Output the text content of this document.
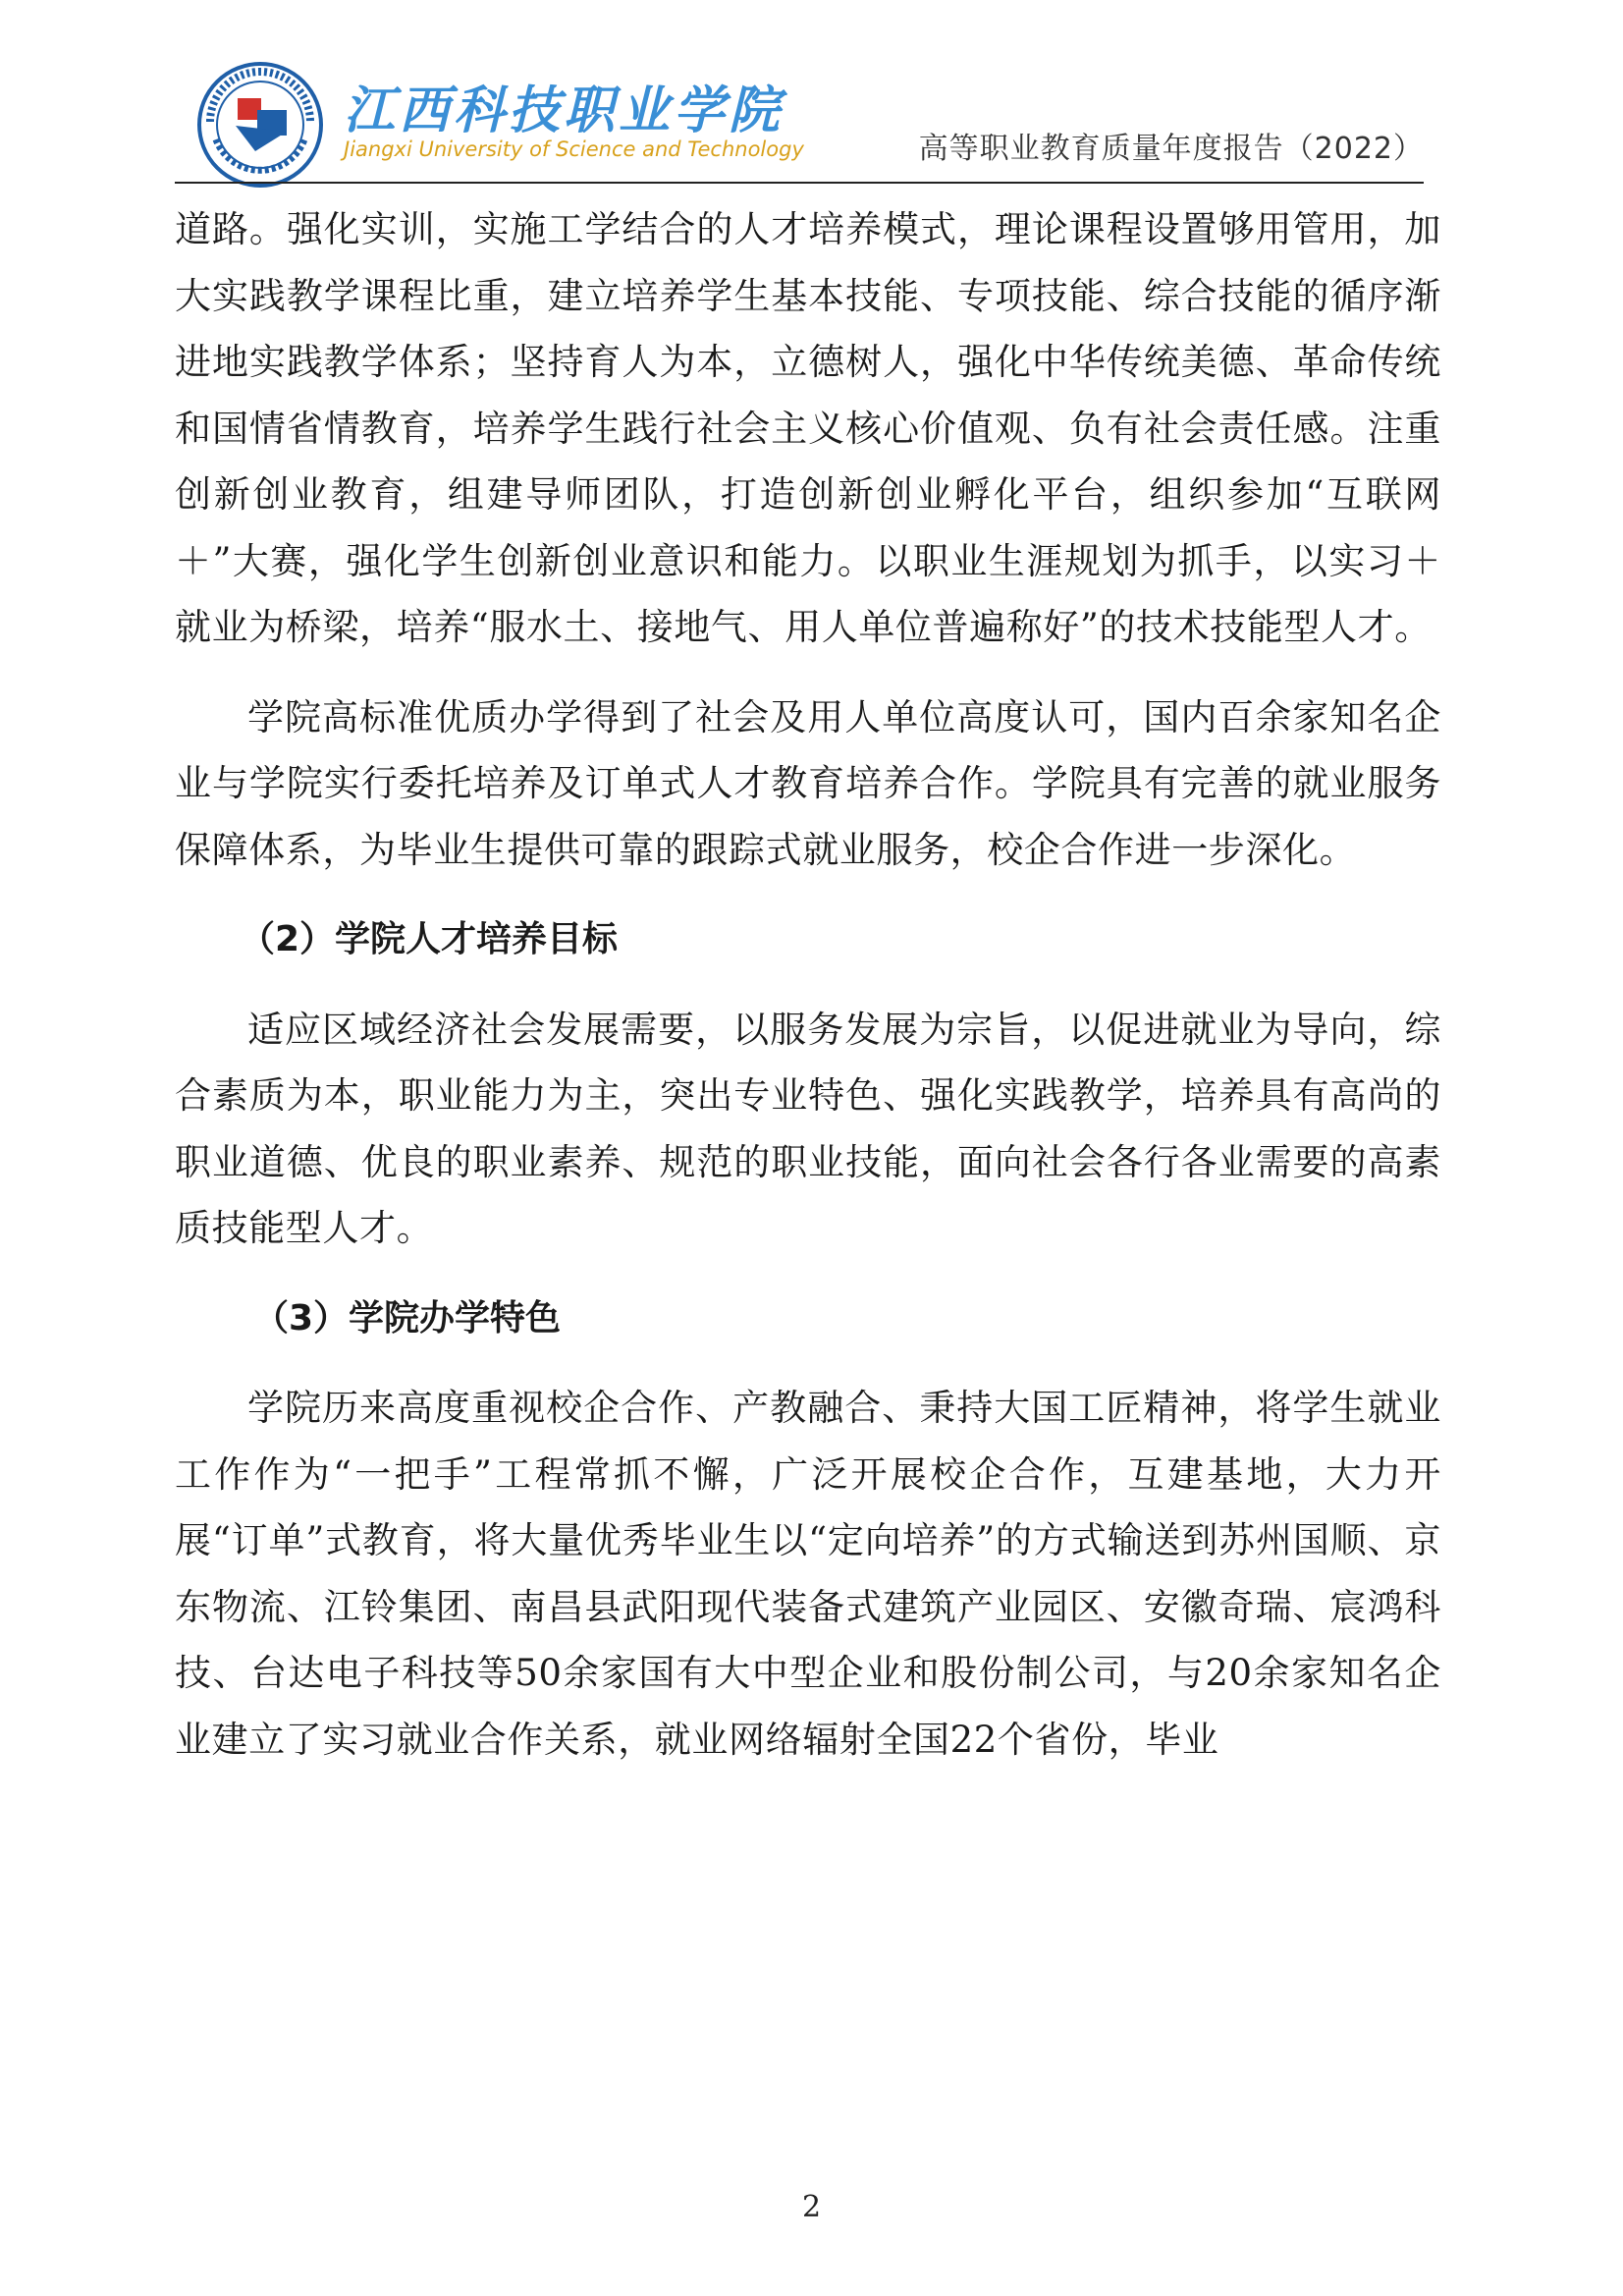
江西科技职业学院
Jiangxi University of Science and Technology	高等职业教育质量年度报告（2022）

道路。强化实训，实施工学结合的人才培养模式，理论课程设置够用管用，加大实践教学课程比重，建立培养学生基本技能、专项技能、综合技能的循序渐进地实践教学体系；坚持育人为本，立德树人，强化中华传统美德、革命传统和国情省情教育，培养学生践行社会主义核心价值观、负有社会责任感。注重创新创业教育，组建导师团队，打造创新创业孵化平台，组织参加“互联网＋”大赛，强化学生创新创业意识和能力。以职业生涯规划为抓手，以实习＋就业为桥梁，培养“服水土、接地气、用人单位普遍称好”的技术技能型人才。

学院高标准优质办学得到了社会及用人单位高度认可，国内百余家知名企业与学院实行委托培养及订单式人才教育培养合作。学院具有完善的就业服务保障体系，为毕业生提供可靠的跟踪式就业服务，校企合作进一步深化。

（2）学院人才培养目标

适应区域经济社会发展需要，以服务发展为宗旨，以促进就业为导向，综合素质为本，职业能力为主，突出专业特色、强化实践教学，培养具有高尚的职业道德、优良的职业素养、规范的职业技能，面向社会各行各业需要的高素质技能型人才。

（3）学院办学特色

学院历来高度重视校企合作、产教融合、秉持大国工匠精神，将学生就业工作作为“一把手”工程常抓不懈，广泛开展校企合作，互建基地，大力开展“订单”式教育，将大量优秀毕业生以“定向培养”的方式输送到苏州国顺、京东物流、江铃集团、南昌县武阳现代装备式建筑产业园区、安徽奇瑞、宸鸿科技、台达电子科技等50余家国有大中型企业和股份制公司，与20余家知名企业建立了实习就业合作关系，就业网络辐射全国22个省份，毕业

2
